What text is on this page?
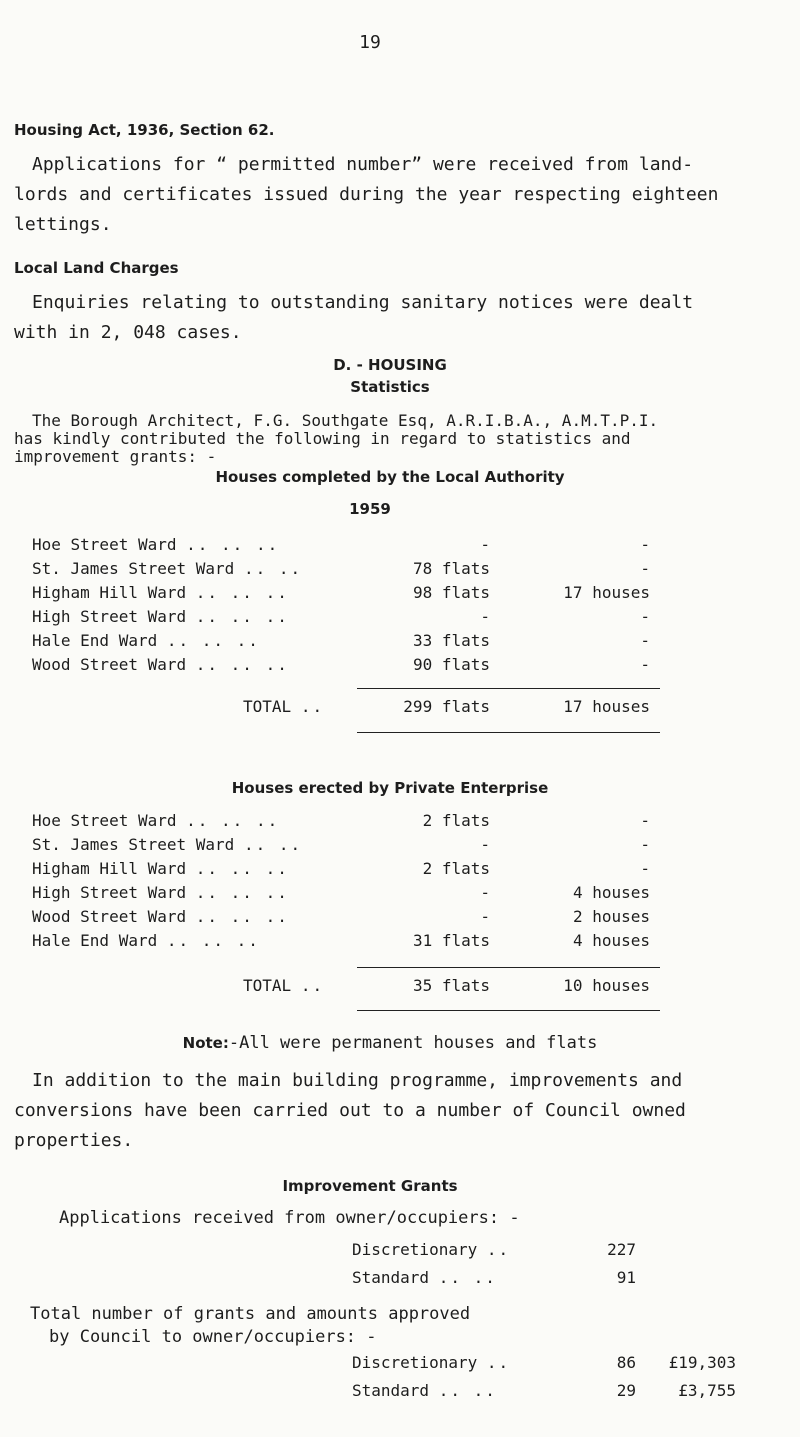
19
Housing Act, 1936, Section 62.
Applications for “ permitted number” were received from land-
lords and certificates issued during the year respecting eighteen
lettings.
Local Land Charges
Enquiries relating to outstanding sanitary notices were dealt
with in 2, 048 cases.
D. - HOUSING
Statistics
The Borough Architect, F.G. Southgate Esq, A.R.I.B.A., A.M.T.P.I.
has kindly contributed the following in regard to statistics and
improvement grants: -
Houses completed by the Local Authority
1959
Hoe Street Ward .. .. ..	-	-
St. James Street Ward .. ..	78 flats	-
Higham Hill Ward .. .. ..	98 flats	17 houses
High Street Ward .. .. ..	-	-
Hale End Ward .. .. ..	33 flats	-
Wood Street Ward .. .. ..	90 flats	-
TOTAL ..	299 flats	17 houses
Houses erected by Private Enterprise
Hoe Street Ward .. .. ..	2 flats	-
St. James Street Ward .. ..	-	-
Higham Hill Ward .. .. ..	2 flats	-
High Street Ward .. .. ..	-	4 houses
Wood Street Ward .. .. ..	-	2 houses
Hale End Ward .. .. ..	31 flats	4 houses
TOTAL ..	35 flats	10 houses
Note:-All were permanent houses and flats
In addition to the main building programme, improvements and
conversions have been carried out to a number of Council owned
properties.
Improvement Grants
Applications received from owner/occupiers: -
Discretionary ..	227
Standard .. ..	91
Total number of grants and amounts approved
by Council to owner/occupiers: -
Discretionary ..	86	£19,303
Standard .. ..	29	£3,755
